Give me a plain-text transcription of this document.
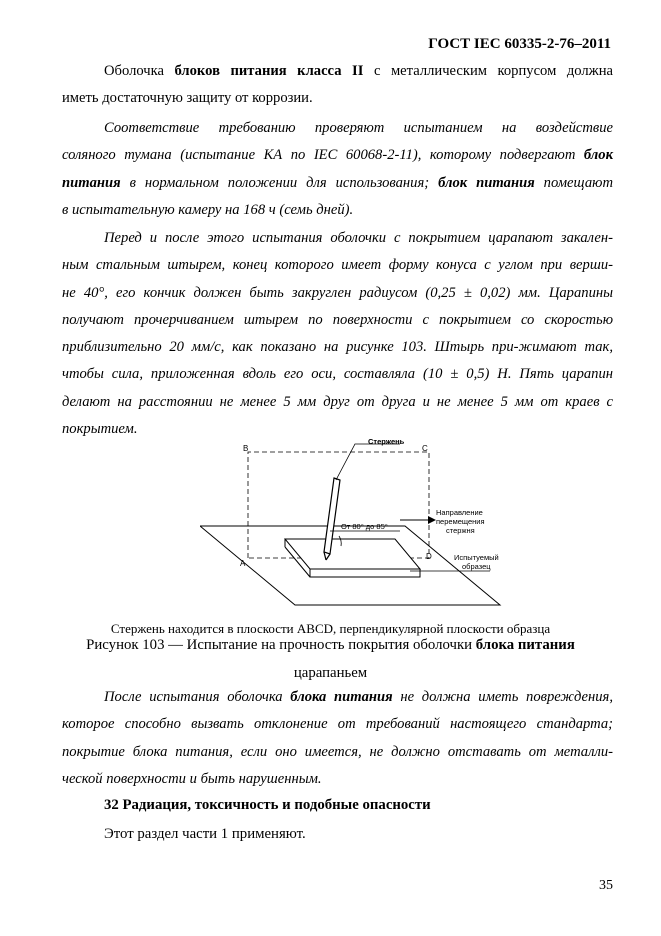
ГОСТ IEC 60335-2-76–2011
Оболочка блоков питания класса II с металлическим корпусом должна
иметь достаточную защиту от коррозии.
Соответствие требованию проверяют испытанием на воздействие
соляного тумана (испытание КА по IEC 60068-2-11), которому подвергают блок
питания в нормальном положении для использования; блок питания помещают
в испытательную камеру на 168 ч (семь дней).
Перед и после этого испытания оболочки с покрытием царапают закален-
ным стальным штырем, конец которого имеет форму конуса с углом при верши-
не 40°, его кончик должен быть закруглен радиусом (0,25 ± 0,02) мм. Царапины
получают прочерчиванием штырем по поверхности с покрытием со скоростью
приблизительно 20 мм/с, как показано на рисунке 103. Штырь при-жимают так,
чтобы сила, приложенная вдоль его оси, составляла (10 ± 0,5) Н. Пять царапин
делают на расстоянии не менее 5 мм друг от друга и не менее 5 мм от краев с
покрытием.
B	C
A
D
Стержень
Направление
перемещения
стержня
От 80° до 85°
Испытуемый
образец
Стержень находится в плоскости ABCD, перпендикулярной плоскости образца
Рисунок 103 — Испытание на прочность покрытия оболочки блока питания
царапаньем
После испытания оболочка блока питания не должна иметь повреждения,
которое способно вызвать отклонение от требований настоящего стандарта;
покрытие блока питания, если оно имеется, не должно отставать от металли-
ческой поверхности и быть нарушенным.
32 Радиация, токсичность и подобные опасности
Этот раздел части 1 применяют.
35
